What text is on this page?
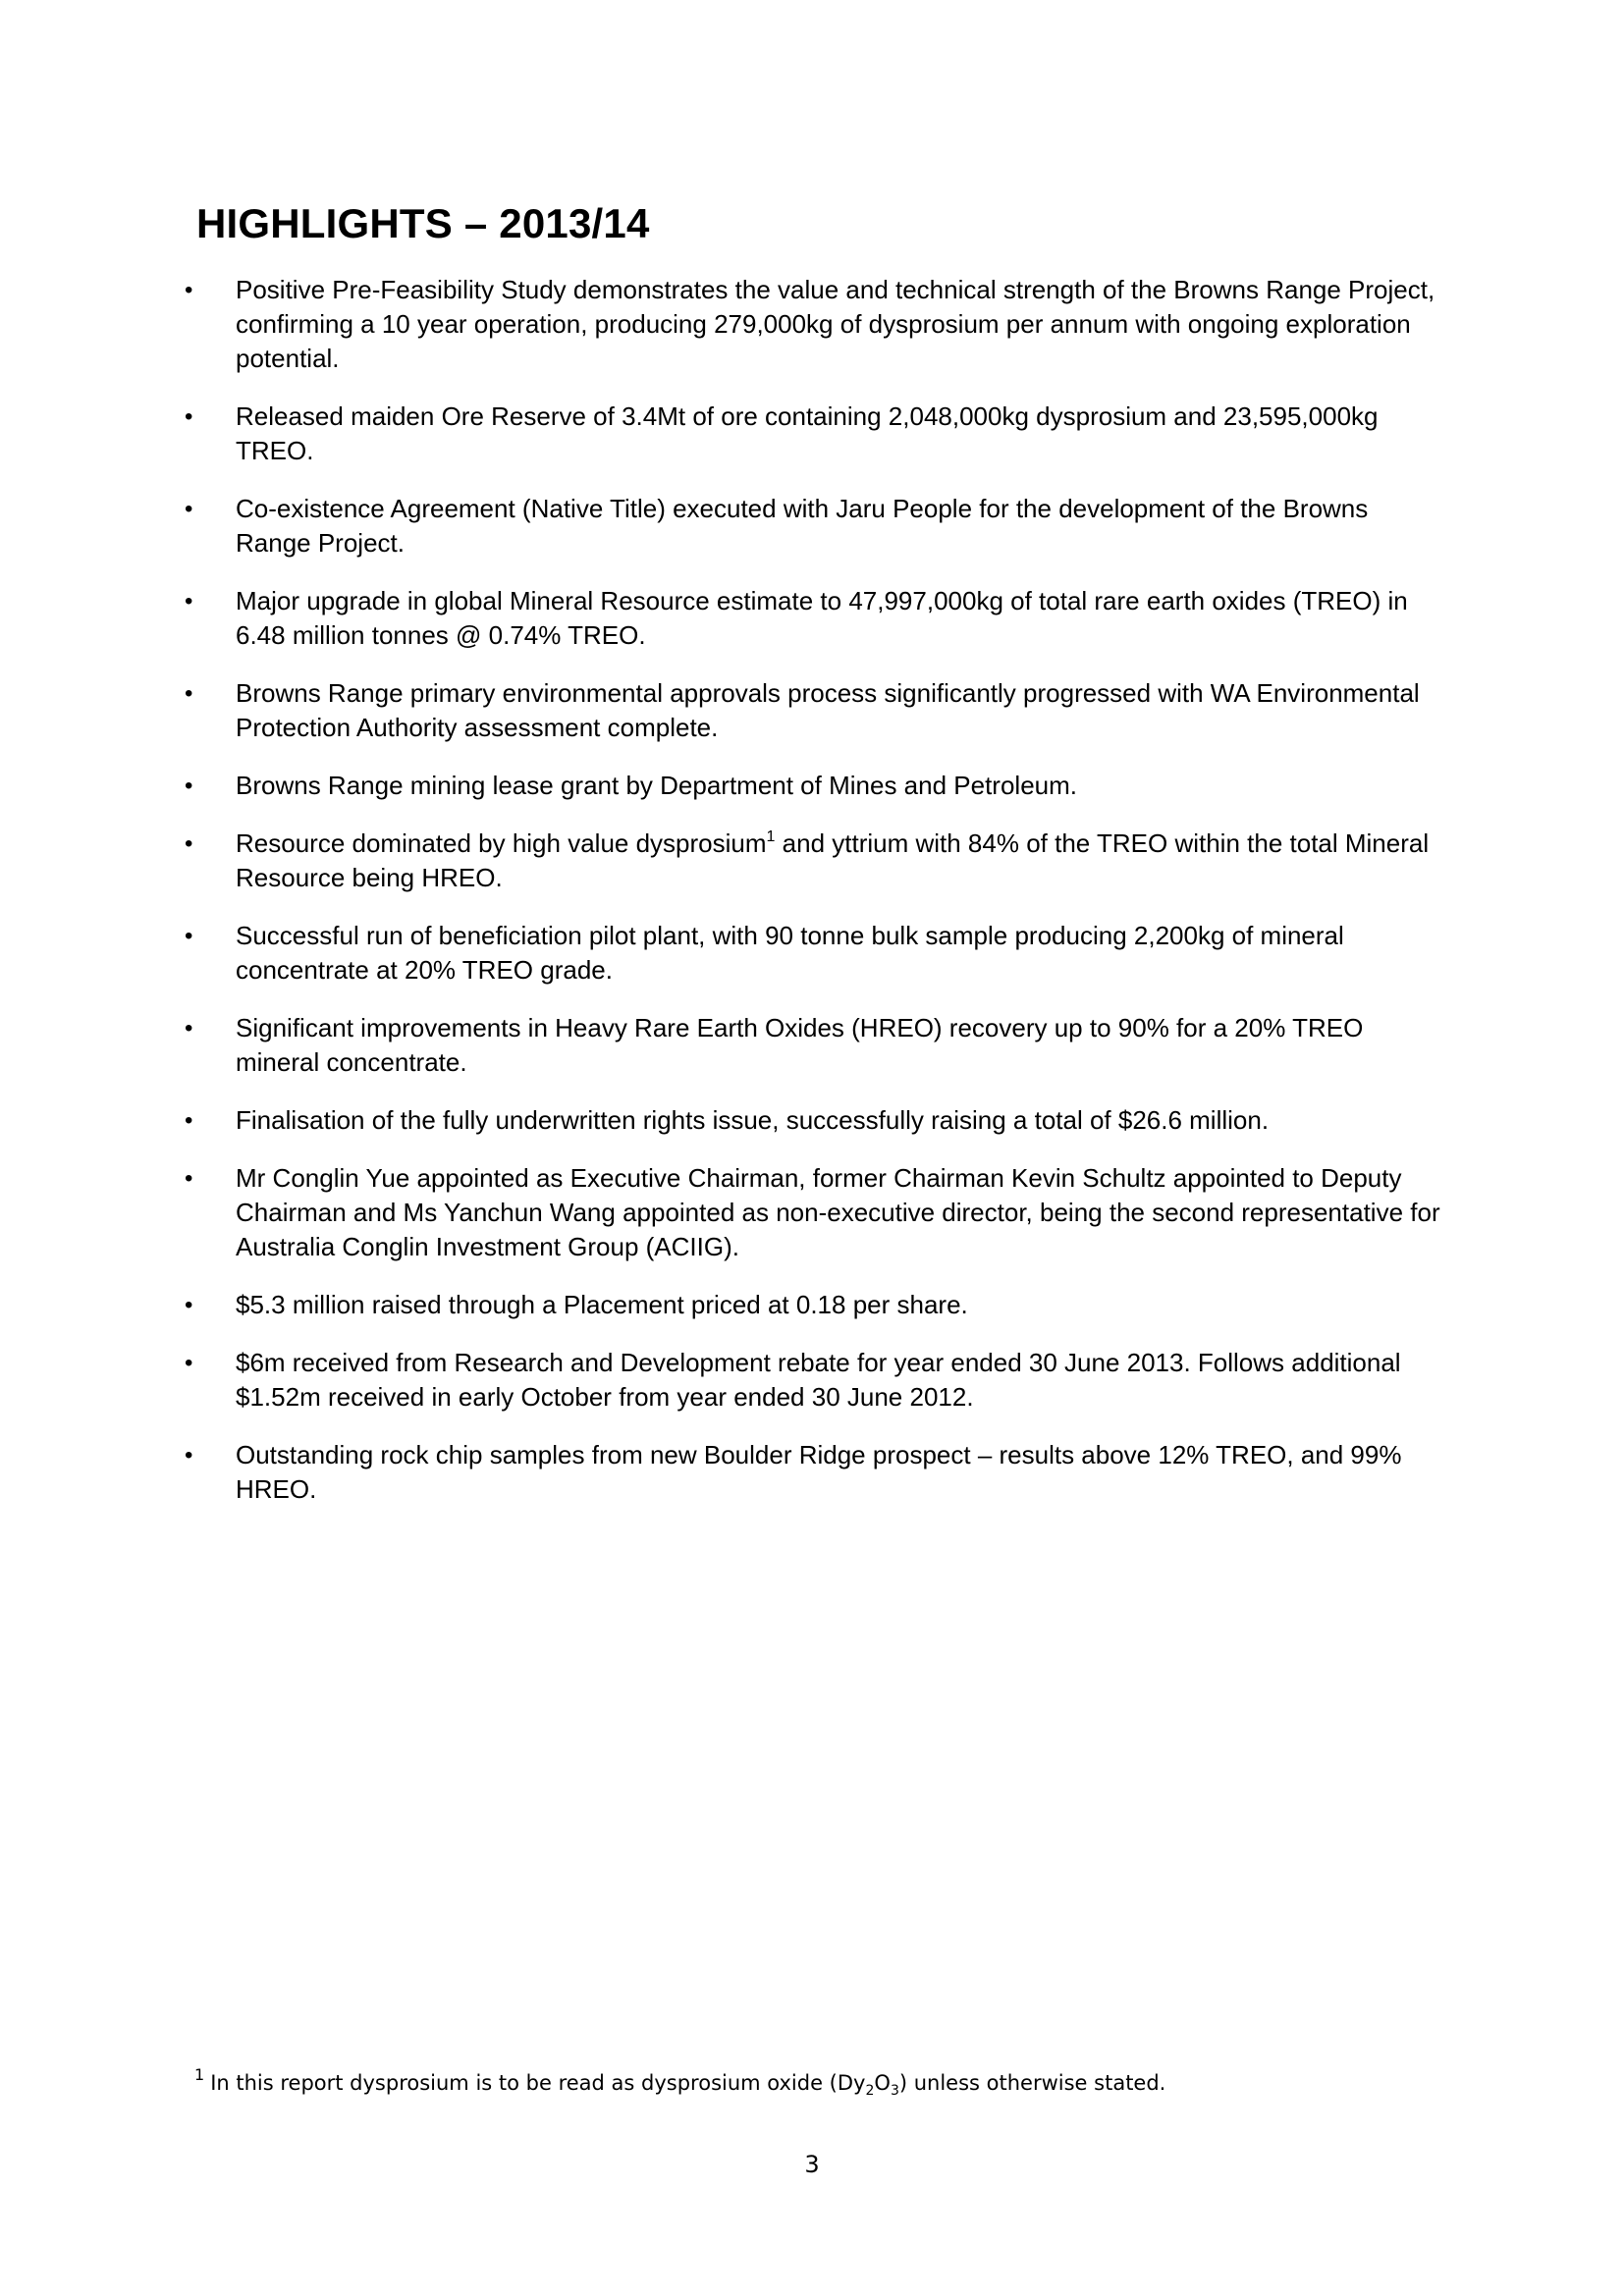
HIGHLIGHTS – 2013/14
• Positive Pre-Feasibility Study demonstrates the value and technical strength of the Browns Range Project, confirming a 10 year operation, producing 279,000kg of dysprosium per annum with ongoing exploration potential.
• Released maiden Ore Reserve of 3.4Mt of ore containing 2,048,000kg dysprosium and 23,595,000kg TREO.
• Co-existence Agreement (Native Title) executed with Jaru People for the development of the Browns Range Project.
• Major upgrade in global Mineral Resource estimate to 47,997,000kg of total rare earth oxides (TREO) in 6.48 million tonnes @ 0.74% TREO.
• Browns Range primary environmental approvals process significantly progressed with WA Environmental Protection Authority assessment complete.
• Browns Range mining lease grant by Department of Mines and Petroleum.
• Resource dominated by high value dysprosium$^1$ and yttrium with 84% of the TREO within the total Mineral Resource being HREO.
• Successful run of beneficiation pilot plant, with 90 tonne bulk sample producing 2,200kg of mineral concentrate at 20% TREO grade.
• Significant improvements in Heavy Rare Earth Oxides (HREO) recovery up to 90% for a 20% TREO mineral concentrate.
• Finalisation of the fully underwritten rights issue, successfully raising a total of $26.6 million.
• Mr Conglin Yue appointed as Executive Chairman, former Chairman Kevin Schultz appointed to Deputy Chairman and Ms Yanchun Wang appointed as non-executive director, being the second representative for Australia Conglin Investment Group (ACIIG).
• $5.3 million raised through a Placement priced at 0.18 per share.
• $6m received from Research and Development rebate for year ended 30 June 2013. Follows additional $1.52m received in early October from year ended 30 June 2012.
• Outstanding rock chip samples from new Boulder Ridge prospect – results above 12% TREO, and 99% HREO.
$^1$ In this report dysprosium is to be read as dysprosium oxide $(Dy_2O_3)$ unless otherwise stated.
3
